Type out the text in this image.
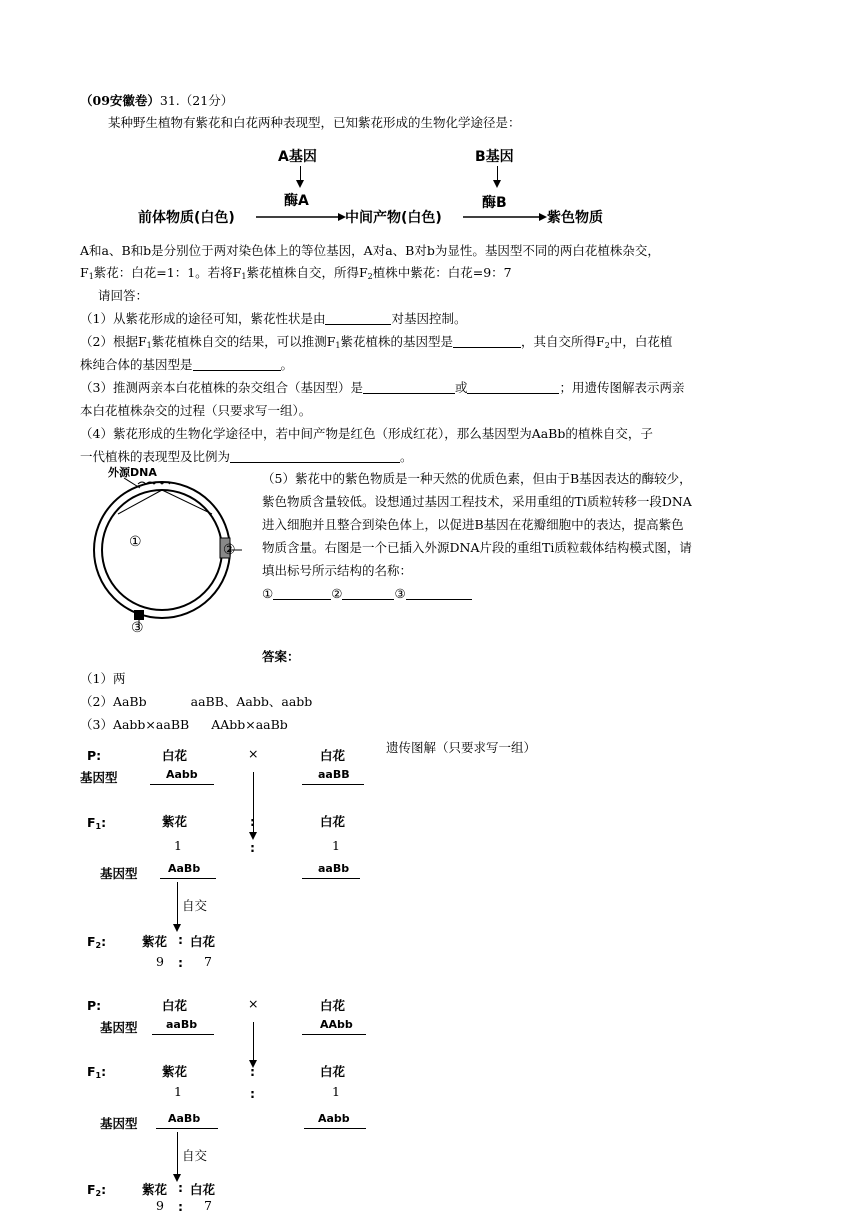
（09安徽卷）31.（21分）
某种野生植物有紫花和白花两种表现型，已知紫花形成的生物化学途径是：
A基因
酶A
B基因
酶B
前体物质(白色)	中间产物(白色)	紫色物质
A和a、B和b是分别位于两对染色体上的等位基因，A对a、B对b为显性。基因型不同的两白花植株杂交，
$F_1$紫花：白花=1：1。若将$F_1$紫花植株自交，所得$F_2$植株中紫花：白花=9：7
请回答：
（1）从紫花形成的途径可知，紫花性状是由	对基因控制。
（2）根据$F_1$紫花植株自交的结果，可以推测$F_1$紫花植株的基因型是	，其自交所得$F_2$中，白花植
株纯合体的基因型是	。
（3）推测两亲本白花植株的杂交组合（基因型）是	或	；用遗传图解表示两亲
本白花植株杂交的过程（只要求写一组）。
（4）紫花形成的生物化学途径中，若中间产物是红色（形成红花），那么基因型为AaBb的植株自交，子
一代植株的表现型及比例为	。
外源DNA
①	②
③
（5）紫花中的紫色物质是一种天然的优质色素，但由于B基因表达的酶较少，
紫色物质含量较低。设想通过基因工程技术，采用重组的Ti质粒转移一段DNA
进入细胞并且整合到染色体上，以促进B基因在花瓣细胞中的表达，提高紫色
物质含量。右图是一个已插入外源DNA片段的重组Ti质粒载体结构模式图，请
填出标号所示结构的名称：
①	②	③
答案：
（1）两
（2）AaBb	aaBB、Aabb、aabb
（3）Aabb×aaBB AAbb×aaBb
遗传图解（只要求写一组）
P:	白花	×	白花
基因型	Aabb	aaBB
$F_1$:	紫花	:	白花
1	:	1
基因型	AaBb	aaBb
自交
$F_2$:	紫花 : 白花
9 : 7
P:	白花	×	白花
基因型	aaBb	AAbb
$F_1$:	紫花	:	白花
1	:	1
基因型	AaBb	Aabb
自交
$F_2$:	紫花 : 白花
9 : 7
